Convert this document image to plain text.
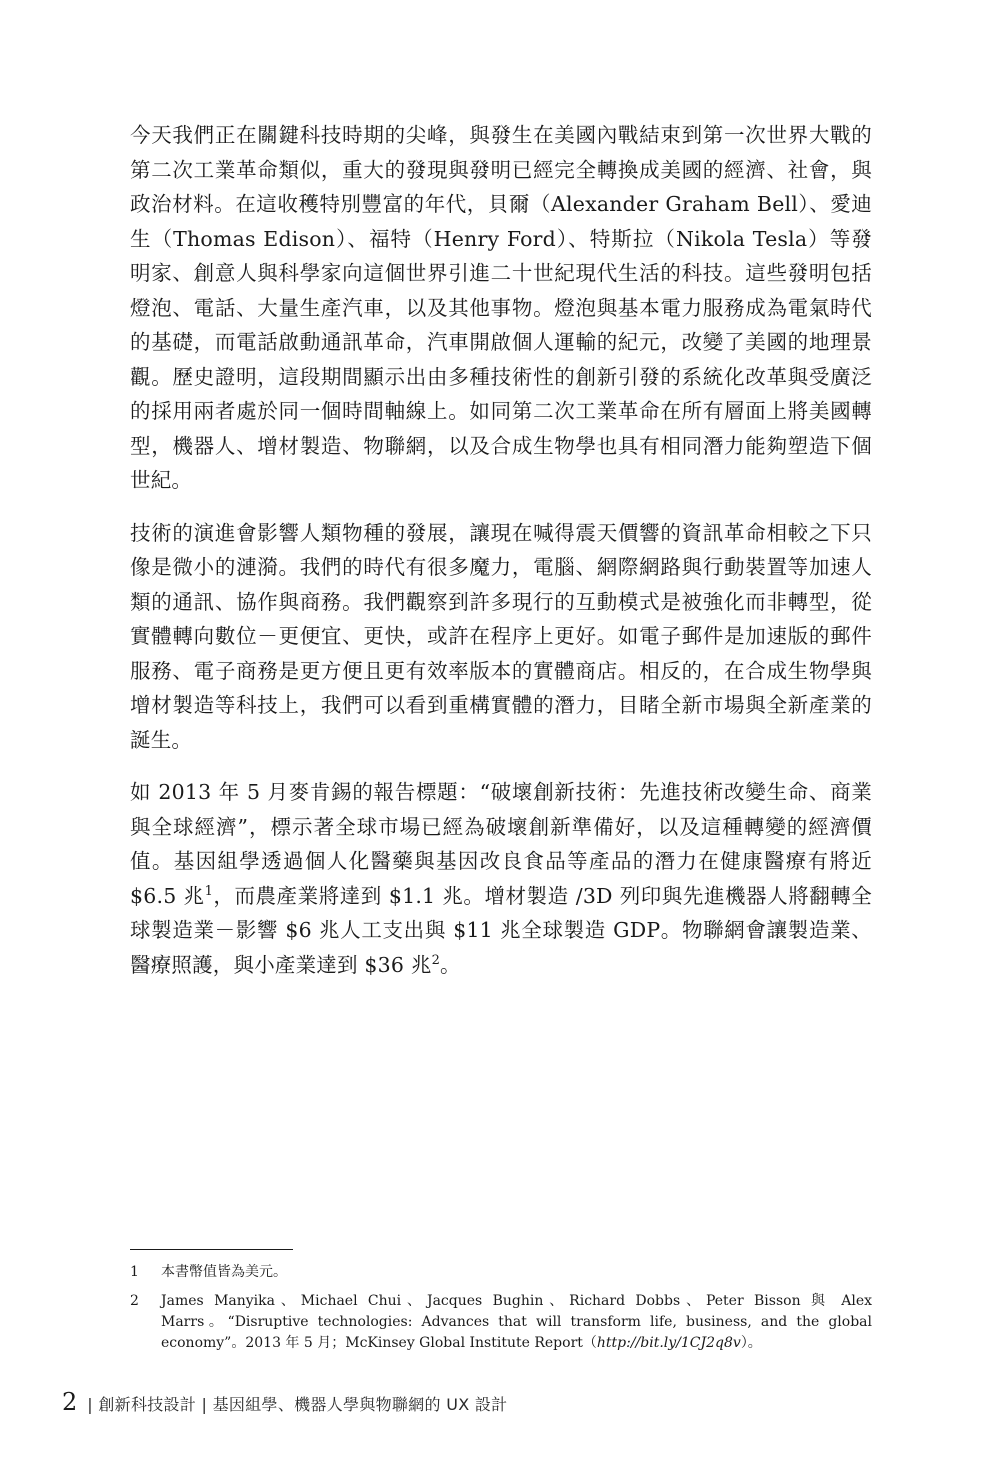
今天我們正在關鍵科技時期的尖峰，與發生在美國內戰結束到第一次世界大戰的第二次工業革命類似，重大的發現與發明已經完全轉換成美國的經濟、社會，與政治材料。在這收穫特別豐富的年代，貝爾（Alexander Graham Bell）、愛迪生（Thomas Edison）、福特（Henry Ford）、特斯拉（Nikola Tesla）等發明家、創意人與科學家向這個世界引進二十世紀現代生活的科技。這些發明包括燈泡、電話、大量生產汽車，以及其他事物。燈泡與基本電力服務成為電氣時代的基礎，而電話啟動通訊革命，汽車開啟個人運輸的紀元，改變了美國的地理景觀。歷史證明，這段期間顯示出由多種技術性的創新引發的系統化改革與受廣泛的採用兩者處於同一個時間軸線上。如同第二次工業革命在所有層面上將美國轉型，機器人、增材製造、物聯網，以及合成生物學也具有相同潛力能夠塑造下個世紀。

技術的演進會影響人類物種的發展，讓現在喊得震天價響的資訊革命相較之下只像是微小的漣漪。我們的時代有很多魔力，電腦、網際網路與行動裝置等加速人類的通訊、協作與商務。我們觀察到許多現行的互動模式是被強化而非轉型，從實體轉向數位－更便宜、更快，或許在程序上更好。如電子郵件是加速版的郵件服務、電子商務是更方便且更有效率版本的實體商店。相反的，在合成生物學與增材製造等科技上，我們可以看到重構實體的潛力，目睹全新市場與全新產業的誕生。

如 2013 年 5 月麥肯錫的報告標題：“破壞創新技術：先進技術改變生命、商業與全球經濟”，標示著全球市場已經為破壞創新準備好，以及這種轉變的經濟價值。基因組學透過個人化醫藥與基因改良食品等產品的潛力在健康醫療有將近 $6.5 兆$^1$，而農產業將達到 $1.1 兆。增材製造 /3D 列印與先進機器人將翻轉全球製造業－影響 $6 兆人工支出與 $11 兆全球製造 GDP。物聯網會讓製造業、醫療照護，與小產業達到 $36 兆$^2$。

1	本書幣值皆為美元。
2	James Manyika、Michael Chui、Jacques Bughin、Richard Dobbs、Peter Bisson 與 Alex Marrs。“Disruptive technologies: Advances that will transform life, business, and the global economy”。2013 年 5 月；McKinsey Global Institute Report（http://bit.ly/1CJ2q8v）。
2 | 創新科技設計 | 基因組學、機器人學與物聯網的 UX 設計
